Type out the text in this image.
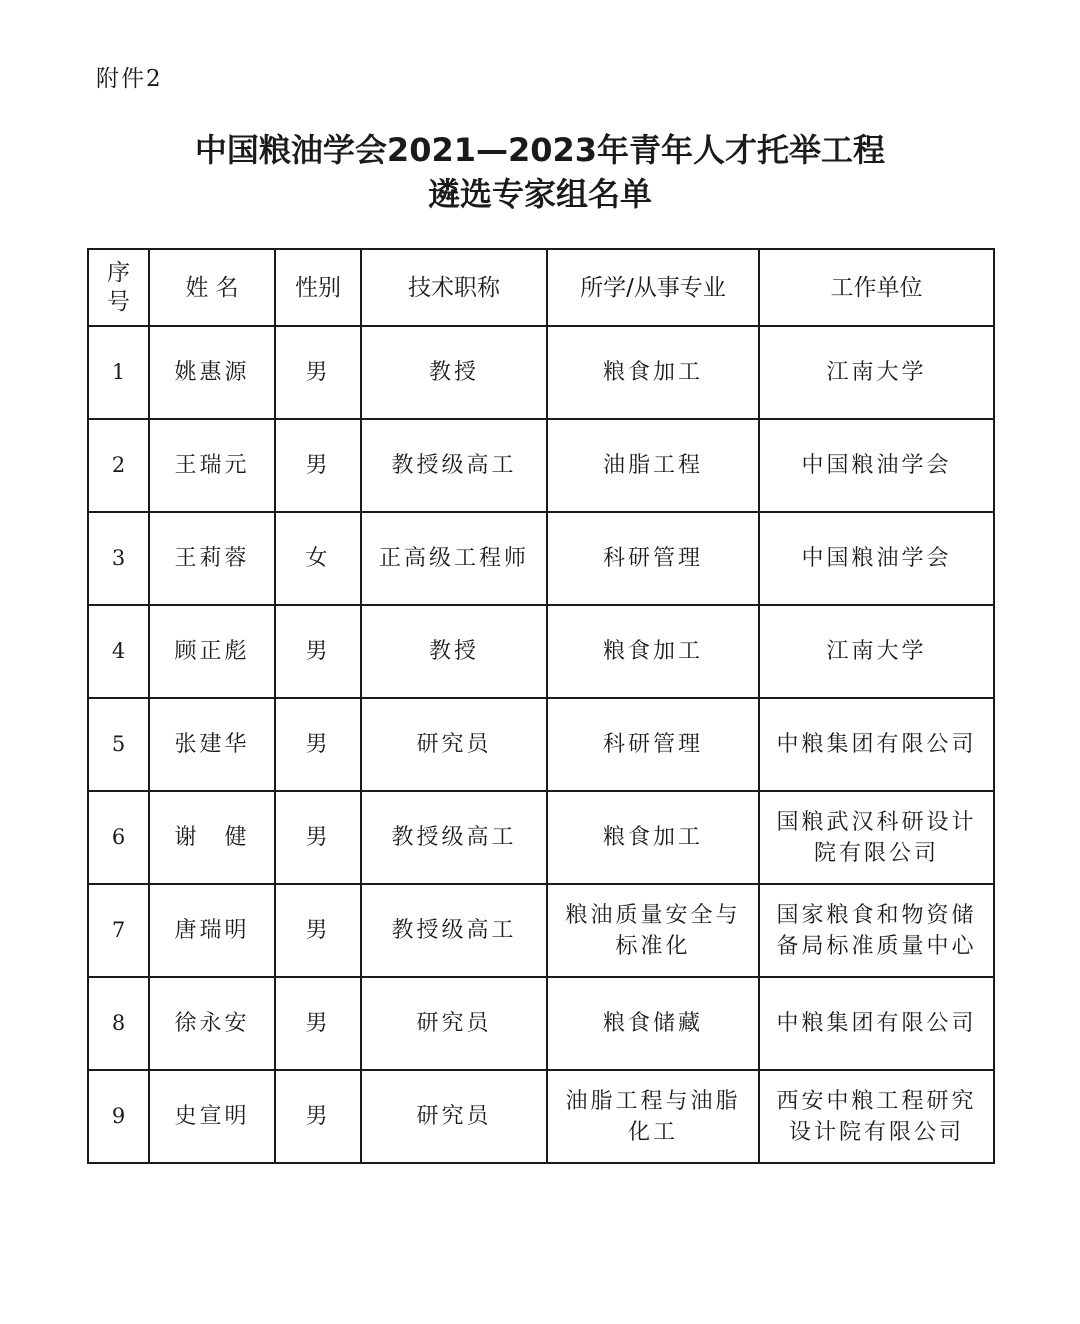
附件2
中国粮油学会2021—2023年青年人才托举工程
遴选专家组名单
序号	姓 名	性别	技术职称	所学/从事专业	工作单位
1	姚惠源	男	教授	粮食加工	江南大学
2	王瑞元	男	教授级高工	油脂工程	中国粮油学会
3	王莉蓉	女	正高级工程师	科研管理	中国粮油学会
4	顾正彪	男	教授	粮食加工	江南大学
5	张建华	男	研究员	科研管理	中粮集团有限公司
6	谢　健	男	教授级高工	粮食加工	国粮武汉科研设计院有限公司
7	唐瑞明	男	教授级高工	粮油质量安全与标准化	国家粮食和物资储备局标准质量中心
8	徐永安	男	研究员	粮食储藏	中粮集团有限公司
9	史宣明	男	研究员	油脂工程与油脂化工	西安中粮工程研究设计院有限公司
